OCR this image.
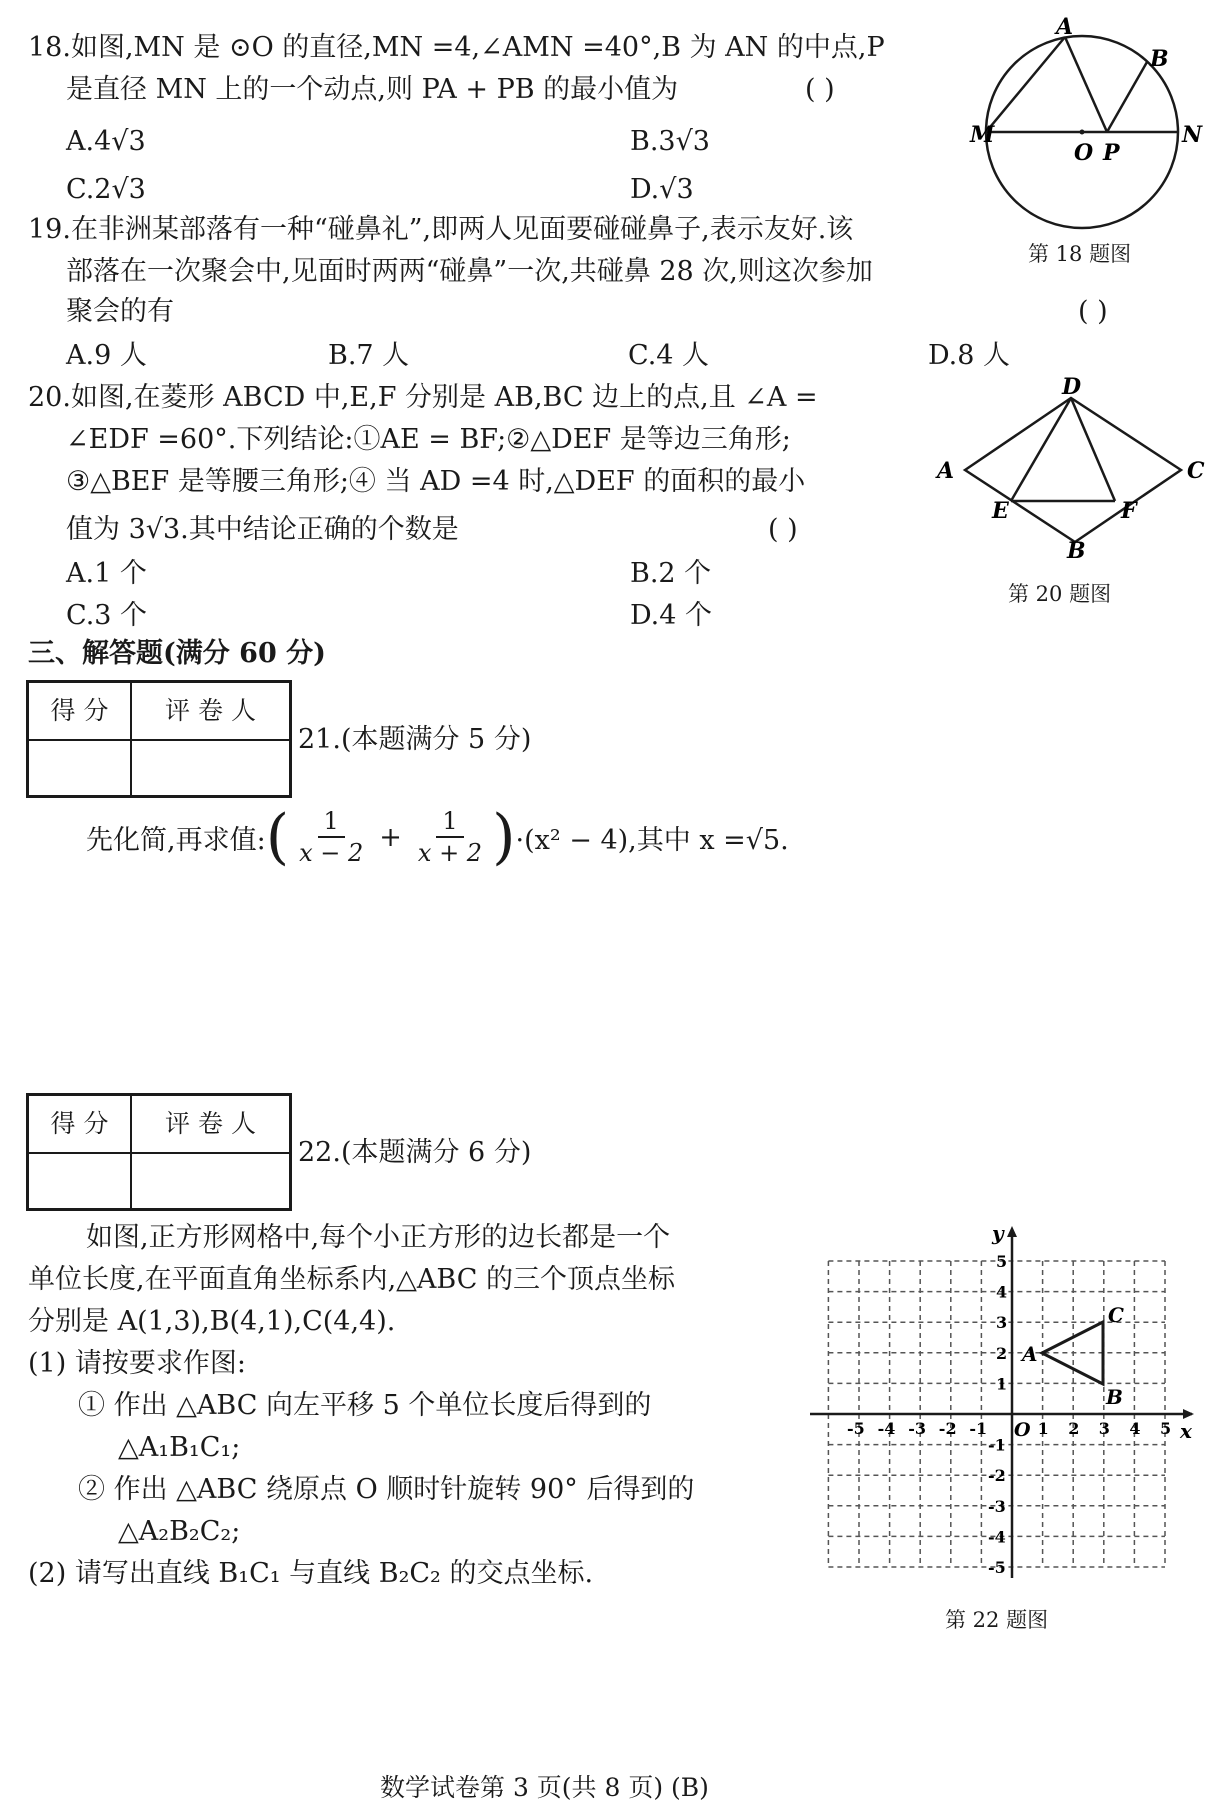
18.如图,MN 是 ⊙O 的直径,MN =4,∠AMN =40°,B 为 AN 的中点,P
是直径 MN 上的一个动点,则 PA + PB 的最小值为	( )
A.4√3	B.3√3
C.2√3	D.√3
M	N
O P
A
B
第 18 题图
19.在非洲某部落有一种“碰鼻礼”,即两人见面要碰碰鼻子,表示友好.该
部落在一次聚会中,见面时两两“碰鼻”一次,共碰鼻 28 次,则这次参加
聚会的有	( )
A.9 人	B.7 人	C.4 人	D.8 人
20.如图,在菱形 ABCD 中,E,F 分别是 AB,BC 边上的点,且 ∠A =
∠EDF =60°.下列结论:①AE = BF;②△DEF 是等边三角形;
③△BEF 是等腰三角形;④ 当 AD =4 时,△DEF 的面积的最小
值为 3√3.其中结论正确的个数是	( )
A.1 个	B.2 个
C.3 个	D.4 个
A
D
C
B
E	F
第 20 题图
三、解答题(满分 60 分)
得 分	评 卷 人
21.(本题满分 5 分)
先化简,再求值: ( $\frac{1}{x - 2} + \frac{1}{x + 2}$ ) ·(x² − 4),其中 x =√5.
得 分	评 卷 人
22.(本题满分 6 分)
如图,正方形网格中,每个小正方形的边长都是一个
单位长度,在平面直角坐标系内,△ABC 的三个顶点坐标
分别是 A(1,3),B(4,1),C(4,4).
(1) 请按要求作图:
① 作出 △ABC 向左平移 5 个单位长度后得到的
△A₁B₁C₁;
② 作出 △ABC 绕原点 O 顺时针旋转 90° 后得到的
△A₂B₂C₂;
(2) 请写出直线 B₁C₁ 与直线 B₂C₂ 的交点坐标.
x
y
O
-5 -4 -3 -2 -1	1 2 3 4 5
5
4
3
2
1
-1
-2
-3
-4
-5
A
B
C
第 22 题图
数学试卷第 3 页(共 8 页) (B)
